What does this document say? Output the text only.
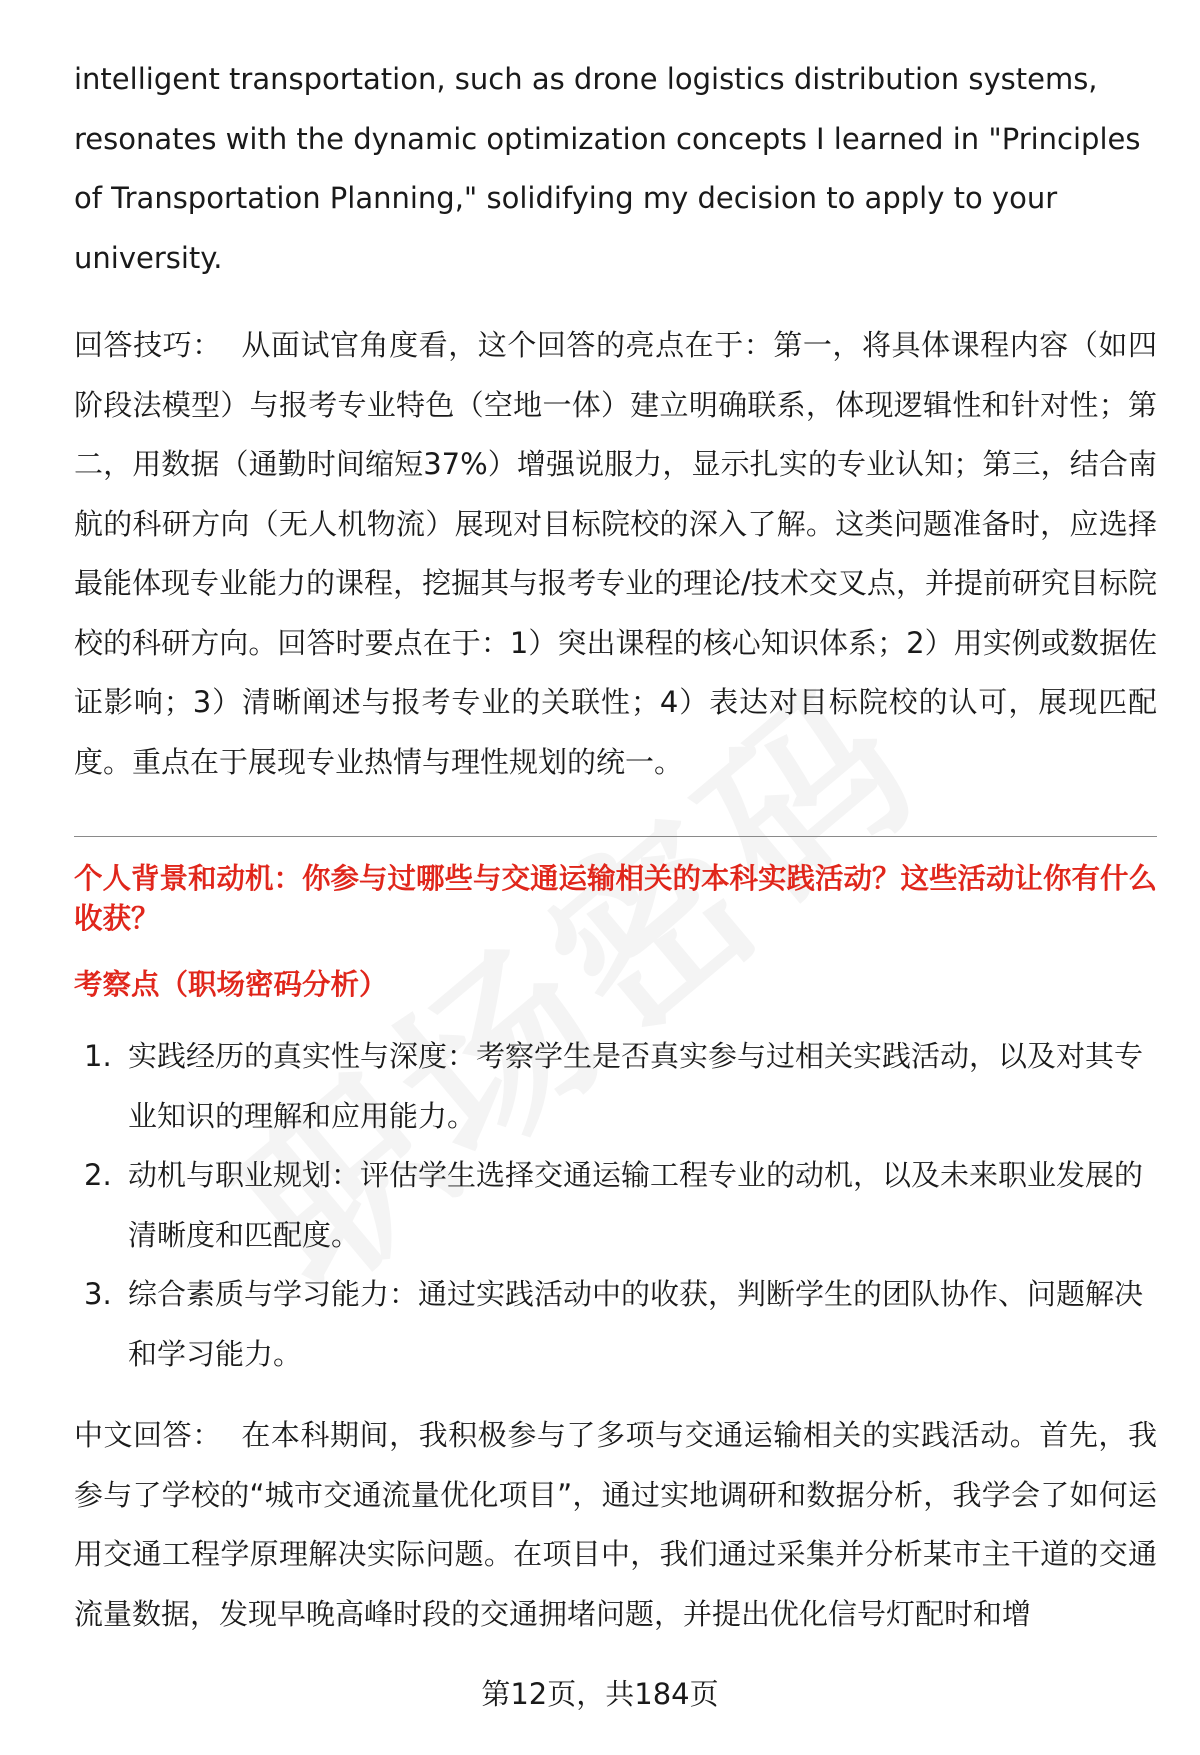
intelligent transportation, such as drone logistics distribution systems, resonates with the dynamic optimization concepts I learned in "Principles of Transportation Planning," solidifying my decision to apply to your university.

回答技巧： 从面试官角度看，这个回答的亮点在于：第一，将具体课程内容（如四阶段法模型）与报考专业特色（空地一体）建立明确联系，体现逻辑性和针对性；第二，用数据（通勤时间缩短37%）增强说服力，显示扎实的专业认知；第三，结合南航的科研方向（无人机物流）展现对目标院校的深入了解。这类问题准备时，应选择最能体现专业能力的课程，挖掘其与报考专业的理论/技术交叉点，并提前研究目标院校的科研方向。回答时要点在于：1）突出课程的核心知识体系；2）用实例或数据佐证影响；3）清晰阐述与报考专业的关联性；4）表达对目标院校的认可，展现匹配度。重点在于展现专业热情与理性规划的统一。

个人背景和动机：你参与过哪些与交通运输相关的本科实践活动？这些活动让你有什么收获？

考察点（职场密码分析）

1. 实践经历的真实性与深度：考察学生是否真实参与过相关实践活动，以及对其专业知识的理解和应用能力。
2. 动机与职业规划：评估学生选择交通运输工程专业的动机，以及未来职业发展的清晰度和匹配度。
3. 综合素质与学习能力：通过实践活动中的收获，判断学生的团队协作、问题解决和学习能力。

中文回答： 在本科期间，我积极参与了多项与交通运输相关的实践活动。首先，我参与了学校的“城市交通流量优化项目”，通过实地调研和数据分析，我学会了如何运用交通工程学原理解决实际问题。在项目中，我们通过采集并分析某市主干道的交通流量数据，发现早晚高峰时段的交通拥堵问题，并提出优化信号灯配时和增

第12页，共184页
